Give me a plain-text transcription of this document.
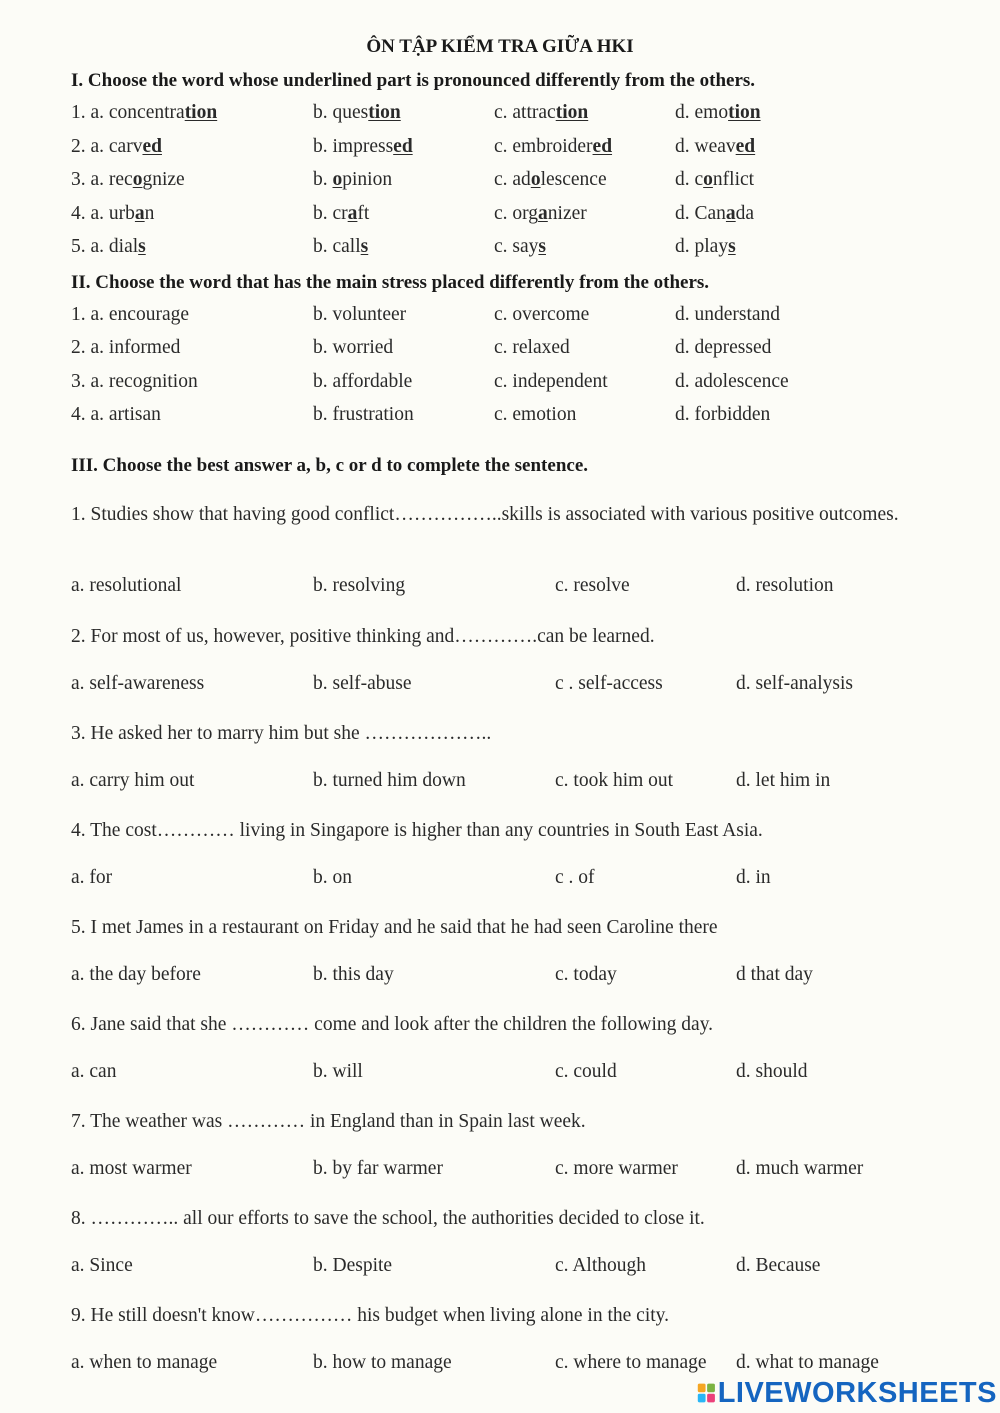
ÔN TẬP KIỂM TRA GIỮA HKI
I. Choose the word whose underlined part is pronounced differently from the others.
1. a. concentration	b. question	c. attraction	d. emotion
2. a. carved	b. impressed	c. embroidered	d. weaved
3. a. recognize	b. opinion	c. adolescence	d. conflict
4. a. urban	b. craft	c. organizer	d. Canada
5. a. dials	b. calls	c. says	d. plays
II. Choose the word that has the main stress placed differently from the others.
1. a. encourage	b. volunteer	c. overcome	d. understand
2. a. informed	b. worried	c. relaxed	d. depressed
3. a. recognition	b. affordable	c. independent	d. adolescence
4. a. artisan	b. frustration	c. emotion	d. forbidden
III. Choose the best answer a, b, c or d to complete the sentence.
1. Studies show that having good conflict……………..skills is associated with various positive outcomes.
a. resolutional	b. resolving	c. resolve	d. resolution
2. For most of us, however, positive thinking and………….can be learned.
a. self-awareness	b. self-abuse	c . self-access	d. self-analysis
3. He asked her to marry him but she ………………..
a. carry him out	b. turned him down	c. took him out	d. let him in
4. The cost………… living in Singapore is higher than any countries in South East Asia.
a. for	b. on	c . of	d. in
5. I met James in a restaurant on Friday and he said that he had seen Caroline there
a. the day before	b. this day	c. today	d that day
6. Jane said that she ………… come and look after the children the following day.
a. can	b. will	c. could	d. should
7. The weather was ………… in England than in Spain last week.
a. most warmer	b. by far warmer	c. more warmer	d. much warmer
8. ………….. all our efforts to save the school, the authorities decided to close it.
a. Since	b. Despite	c. Although	d. Because
9. He still doesn't know…………… his budget when living alone in the city.
a. when to manage	b. how to manage	c. where to manage d. what to manage
LIVEWORKSHEETS
